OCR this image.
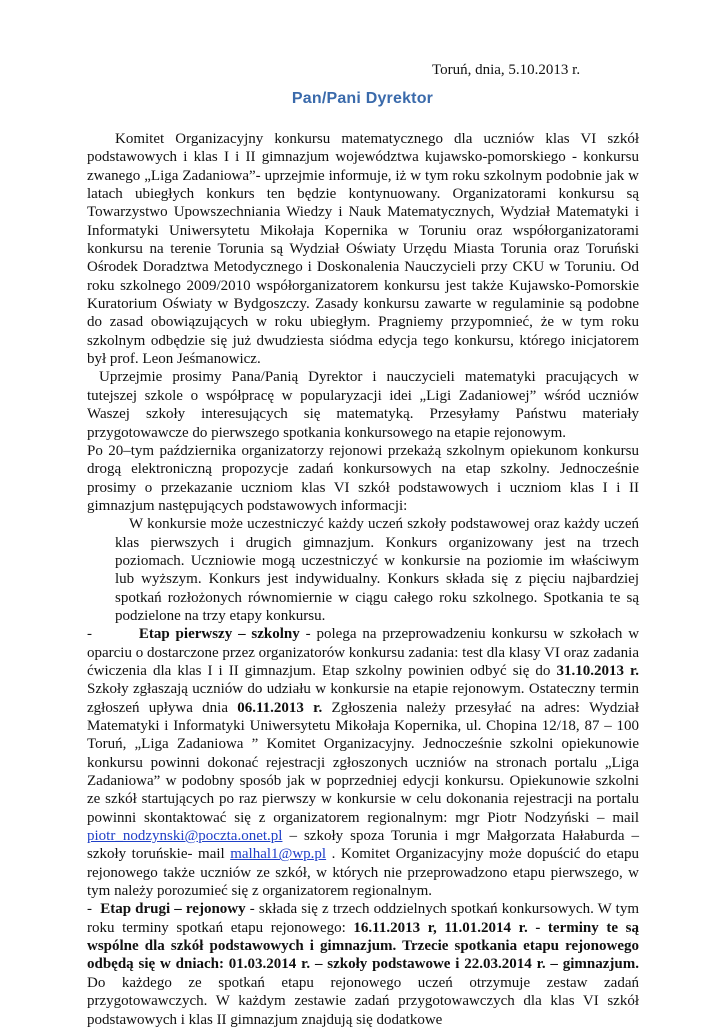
Toruń, dnia, 5.10.2013 r.
Pan/Pani Dyrektor

Komitet Organizacyjny konkursu matematycznego dla uczniów klas VI szkół podstawowych i klas I i II gimnazjum województwa kujawsko-pomorskiego - konkursu zwanego „Liga Zadaniowa”- uprzejmie informuje, iż w tym roku szkolnym podobnie jak w latach ubiegłych konkurs ten będzie kontynuowany. Organizatorami konkursu są Towarzystwo Upowszechniania Wiedzy i Nauk Matematycznych, Wydział Matematyki i Informatyki Uniwersytetu Mikołaja Kopernika w Toruniu oraz współorganizatorami konkursu na terenie Torunia są Wydział Oświaty Urzędu Miasta Torunia oraz Toruński Ośrodek Doradztwa Metodycznego i Doskonalenia Nauczycieli przy CKU w Toruniu. Od roku szkolnego 2009/2010 współorganizatorem konkursu jest także Kujawsko-Pomorskie Kuratorium Oświaty w Bydgoszczy. Zasady konkursu zawarte w regulaminie są podobne do zasad obowiązujących w roku ubiegłym. Pragniemy przypomnieć, że w tym roku szkolnym odbędzie się już dwudziesta siódma edycja tego konkursu, którego inicjatorem był prof. Leon Jeśmanowicz.

Uprzejmie prosimy Pana/Panią Dyrektor i nauczycieli matematyki pracujących w tutejszej szkole o współpracę w popularyzacji idei „Ligi Zadaniowej” wśród uczniów Waszej szkoły interesujących się matematyką. Przesyłamy Państwu materiały przygotowawcze do pierwszego spotkania konkursowego na etapie rejonowym.

Po 20–tym października organizatorzy rejonowi przekażą szkolnym opiekunom konkursu drogą elektroniczną propozycje zadań konkursowych na etap szkolny. Jednocześnie prosimy o przekazanie uczniom klas VI szkół podstawowych i uczniom klas I i II gimnazjum następujących podstawowych informacji:

W konkursie może uczestniczyć każdy uczeń szkoły podstawowej oraz każdy uczeń klas pierwszych i drugich gimnazjum. Konkurs organizowany jest na trzech poziomach. Uczniowie mogą uczestniczyć w konkursie na poziomie im właściwym lub wyższym. Konkurs jest indywidualny. Konkurs składa się z pięciu najbardziej spotkań rozłożonych równomiernie w ciągu całego roku szkolnego. Spotkania te są podzielone na trzy etapy konkursu.

-	Etap pierwszy – szkolny - polega na przeprowadzeniu konkursu w szkołach w oparciu o dostarczone przez organizatorów konkursu zadania: test dla klasy VI oraz zadania ćwiczenia dla klas I i II gimnazjum. Etap szkolny powinien odbyć się do 31.10.2013 r. Szkoły zgłaszają uczniów do udziału w konkursie na etapie rejonowym. Ostateczny termin zgłoszeń upływa dnia 06.11.2013 r. Zgłoszenia należy przesyłać na adres: Wydział Matematyki i Informatyki Uniwersytetu Mikołaja Kopernika, ul. Chopina 12/18, 87 – 100 Toruń, „Liga Zadaniowa ” Komitet Organizacyjny. Jednocześnie szkolni opiekunowie konkursu powinni dokonać rejestracji zgłoszonych uczniów na stronach portalu „Liga Zadaniowa” w podobny sposób jak w poprzedniej edycji konkursu. Opiekunowie szkolni ze szkół startujących po raz pierwszy w konkursie w celu dokonania rejestracji na portalu powinni skontaktować się z organizatorem regionalnym: mgr Piotr Nodzyński – mail piotr_nodzynski@poczta.onet.pl – szkoły spoza Torunia i mgr Małgorzata Hałaburda – szkoły toruńskie- mail malhal1@wp.pl . Komitet Organizacyjny może dopuścić do etapu rejonowego także uczniów ze szkół, w których nie przeprowadzono etapu pierwszego, w tym należy porozumieć się z organizatorem regionalnym.

- Etap drugi – rejonowy - składa się z trzech oddzielnych spotkań konkursowych. W tym roku terminy spotkań etapu rejonowego: 16.11.2013 r, 11.01.2014 r. - terminy te są wspólne dla szkół podstawowych i gimnazjum. Trzecie spotkania etapu rejonowego odbędą się w dniach: 01.03.2014 r. – szkoły podstawowe i 22.03.2014 r. – gimnazjum. Do każdego ze spotkań etapu rejonowego uczeń otrzymuje zestaw zadań przygotowawczych. W każdym zestawie zadań przygotowawczych dla klas VI szkół podstawowych i klas II gimnazjum znajdują się dodatkowe
